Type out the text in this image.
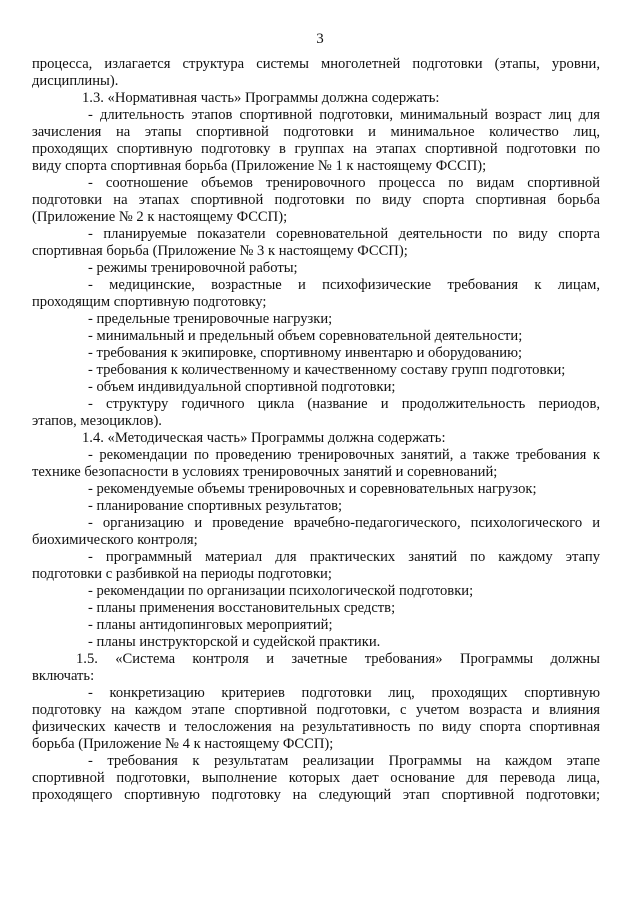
3
процесса, излагается структура системы многолетней подготовки (этапы, уровни,
дисциплины).
1.3. «Нормативная часть» Программы должна содержать:
- длительность этапов спортивной подготовки, минимальный возраст лиц для
зачисления на этапы спортивной подготовки и минимальное количество лиц,
проходящих спортивную подготовку в группах на этапах спортивной подготовки по
виду спорта спортивная борьба (Приложение № 1 к настоящему ФССП);
- соотношение объемов тренировочного процесса по видам спортивной
подготовки на этапах спортивной подготовки по виду спорта спортивная борьба
(Приложение № 2 к настоящему ФССП);
- планируемые показатели соревновательной деятельности по виду спорта
спортивная борьба (Приложение № 3 к настоящему ФССП);
- режимы тренировочной работы;
- медицинские, возрастные и психофизические требования к лицам,
проходящим спортивную подготовку;
- предельные тренировочные нагрузки;
- минимальный и предельный объем соревновательной деятельности;
- требования к экипировке, спортивному инвентарю и оборудованию;
- требования к количественному и качественному составу групп подготовки;
- объем индивидуальной спортивной подготовки;
- структуру годичного цикла (название и продолжительность периодов,
этапов, мезоциклов).
1.4. «Методическая часть» Программы должна содержать:
- рекомендации по проведению тренировочных занятий, а также требования к
технике безопасности в условиях тренировочных занятий и соревнований;
- рекомендуемые объемы тренировочных и соревновательных нагрузок;
- планирование спортивных результатов;
- организацию и проведение врачебно-педагогического, психологического и
биохимического контроля;
- программный материал для практических занятий по каждому этапу
подготовки с разбивкой на периоды подготовки;
- рекомендации по организации психологической подготовки;
- планы применения восстановительных средств;
- планы антидопинговых мероприятий;
- планы инструкторской и судейской практики.
1.5. «Система контроля и зачетные требования» Программы должны
включать:
- конкретизацию критериев подготовки лиц, проходящих спортивную
подготовку на каждом этапе спортивной подготовки, с учетом возраста и влияния
физических качеств и телосложения на результативность по виду спорта спортивная
борьба (Приложение № 4 к настоящему ФССП);
- требования к результатам реализации Программы на каждом этапе
спортивной подготовки, выполнение которых дает основание для перевода лица,
проходящего спортивную подготовку на следующий этап спортивной подготовки;
